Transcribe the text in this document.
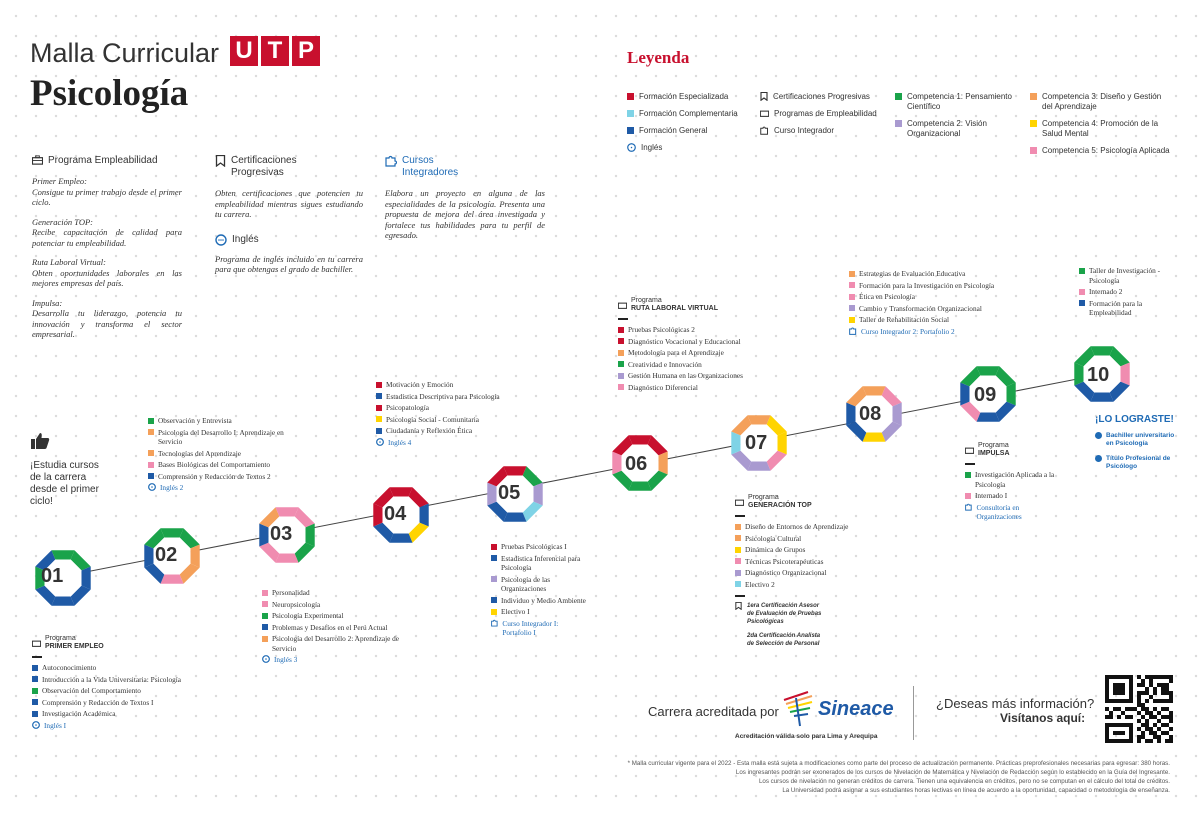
Malla Curricular U T P
Psicología
Programa Empleabilidad
Primer Empleo:
Consigue tu primer trabajo desde el primer ciclo.
Generación TOP:
Recibe capacitación de calidad para potenciar tu empleabilidad.
Ruta Laboral Virtual:
Obten oportunidades laborales en las mejores empresas del país.
Impulsa:
Desarrolla tu liderazgo, potencia tu innovación y transforma el sector empresarial.
Certificaciones Progresivas
Obten certificaciones que potencien tu empleabilidad mientras sigues estudiando tu carrera.
Inglés
Programa de inglés incluido en tu carrera para que obtengas el grado de bachiller.
Cursos Integradores
Elabora un proyecto en alguna de las especialidades de la psicología. Presenta una propuesta de mejora del área investigada y fortalece tus habilidades para tu perfil de egresado.
Leyenda
Formación Especializada
Formación Complementaria
Formación General
Inglés
Certificaciones Progresivas
Programas de Empleabilidad
Curso Integrador
Competencia 1: Pensamiento Científico
Competencia 2: Visión Organizacional
Competencia 3: Diseño y Gestión del Aprendizaje
Competencia 4: Promoción de la Salud Mental
Competencia 5: Psicología Aplicada
01
02
03
04
05
06
07
08
09
10
¡Estudia cursos de la carrera desde el primer ciclo!
Programa
PRIMER EMPLEO
Autoconocimiento
Introducción a la Vida Universitaria: Psicología
Observación del Comportamiento
Comprensión y Redacción de Textos I
Investigación Académica
Inglés I
Observación y Entrevista
Psicología del Desarrollo I: Aprendizaje en Servicio
Tecnologías del Aprendizaje
Bases Biológicas del Comportamiento
Comprensión y Redacción de Textos 2
Inglés 2
Personalidad
Neuropsicología
Psicología Experimental
Problemas y Desafíos en el Perú Actual
Psicología del Desarrollo 2: Aprendizaje de Servicio
Inglés 3
Motivación y Emoción
Estadística Descriptiva para Psicología
Psicopatología
Psicología Social - Comunitaria
Ciudadanía y Reflexión Ética
Inglés 4
Pruebas Psicológicas I
Estadística Inferencial para Psicología
Psicología de las Organizaciones
Individuo y Medio Ambiente
Electivo I
Curso Integrador I: Portafolio I
Programa
RUTA LABORAL VIRTUAL
Pruebas Psicológicas 2
Diagnóstico Vocacional y Educacional
Metodología para el Aprendizaje
Creatividad e Innovación
Gestión Humana en las Organizaciones
Diagnóstico Diferencial
Programa
GENERACIÓN TOP
Diseño de Entornos de Aprendizaje
Psicología Cultural
Dinámica de Grupos
Técnicas Psicoterapéuticas
Diagnóstico Organizacional
Electivo 2
1era Certificación Asesor de Evaluación de Pruebas Psicológicas
2da Certificación Analista de Selección de Personal
Estrategias de Evaluación Educativa
Formación para la Investigación en Psicología
Ética en Psicología
Cambio y Transformación Organizacional
Taller de Rehabilitación Social
Curso Integrador 2: Portafolio 2
Programa
IMPULSA
Investigación Aplicada a la Psicología
Internado I
Consultoría en Organizaciones
Taller de Investigación - Psicología
Internado 2
Formación para la Empleabilidad
¡LO LOGRASTE!
Bachiller universitario en Psicología
Título Profesional de Psicólogo
Carrera acreditada por Sineace
Acreditación válida solo para Lima y Arequipa
¿Deseas más información?
Visítanos aquí:
* Malla curricular vigente para el 2022 - Esta malla está sujeta a modificaciones como parte del proceso de actualización permanente. Prácticas preprofesionales necesarias para egresar: 380 horas.
Los ingresantes podrán ser exonerados de los cursos de Nivelación de Matemática y Nivelación de Redacción según lo establecido en la Guía del Ingresante.
Los cursos de nivelación no generan créditos de carrera. Tienen una equivalencia en créditos, pero no se computan en el cálculo del total de créditos.
La Universidad podrá asignar a sus estudiantes horas lectivas en línea de acuerdo a la oportunidad, capacidad o metodología de enseñanza.
